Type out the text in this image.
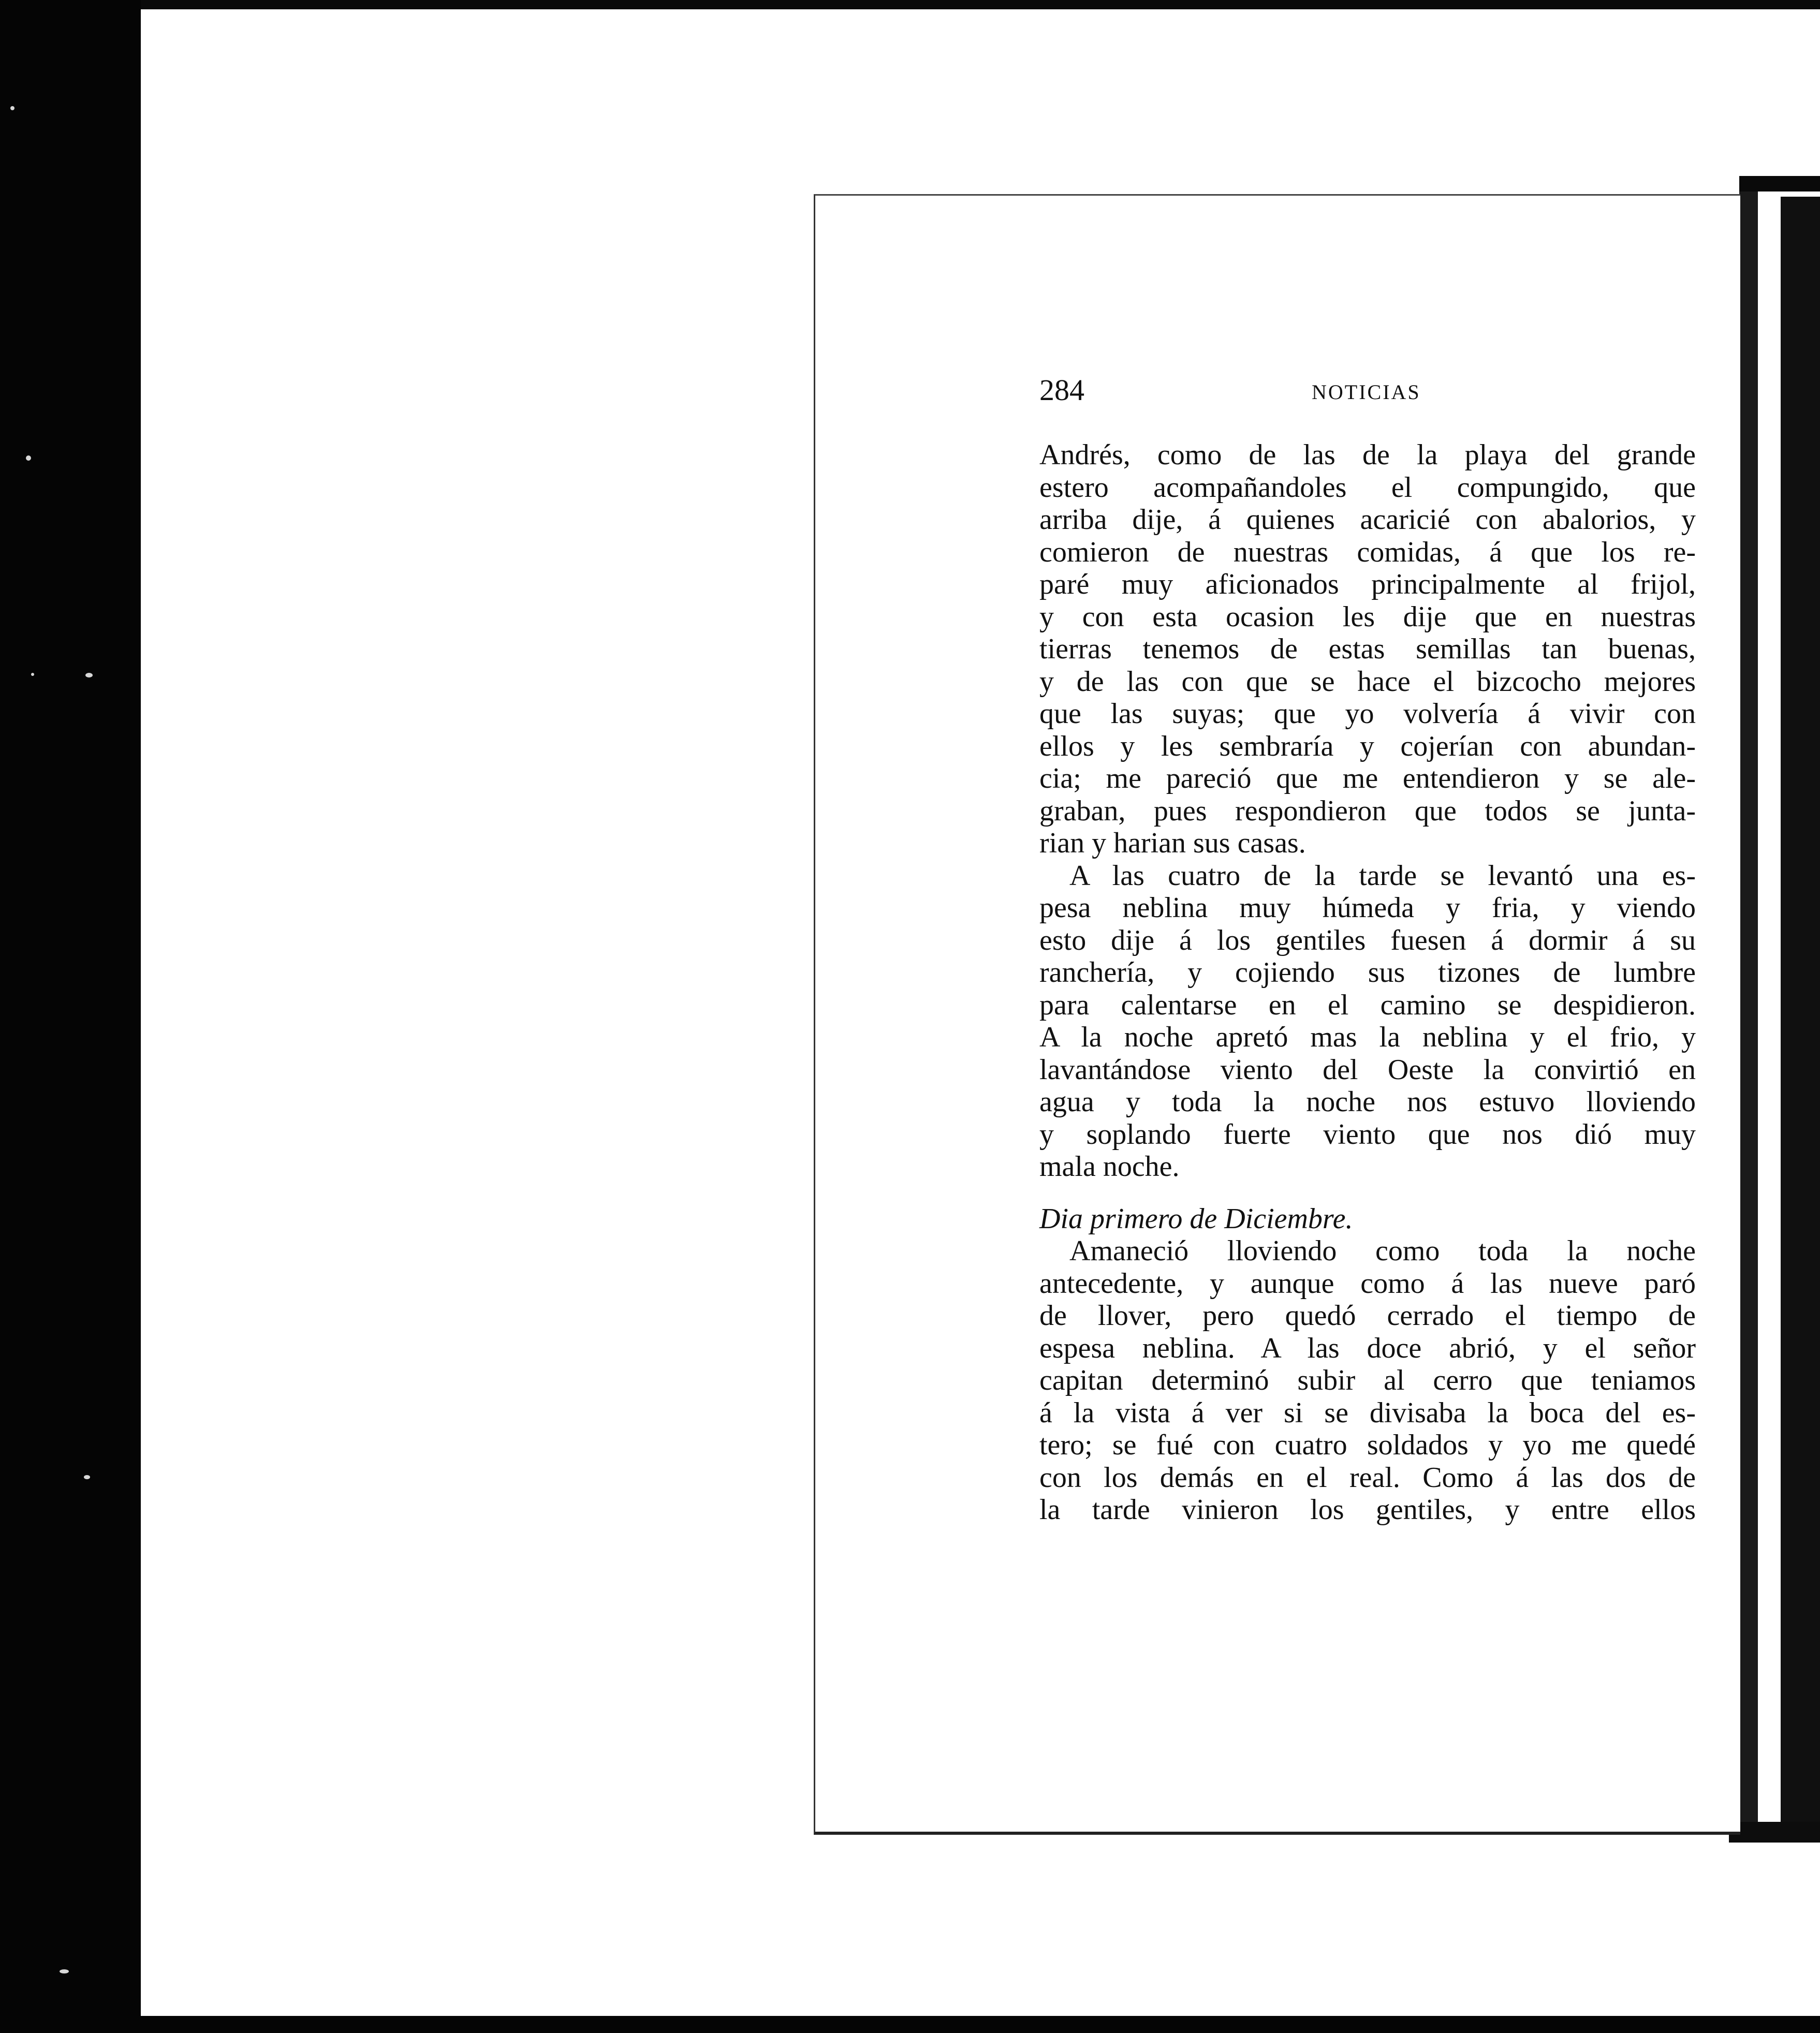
284	NOTICIAS
Andrés, como de las de la playa del grande
estero acompañandoles el compungido, que
arriba dije, á quienes acaricié con abalorios, y
comieron de nuestras comidas, á que los re-
paré muy aficionados principalmente al frijol,
y con esta ocasion les dije que en nuestras
tierras tenemos de estas semillas tan buenas,
y de las con que se hace el bizcocho mejores
que las suyas; que yo volvería á vivir con
ellos y les sembraría y cojerían con abundan-
cia; me pareció que me entendieron y se ale-
graban, pues respondieron que todos se junta-
rian y harian sus casas.
A las cuatro de la tarde se levantó una es-
pesa neblina muy húmeda y fria, y viendo
esto dije á los gentiles fuesen á dormir á su
ranchería, y cojiendo sus tizones de lumbre
para calentarse en el camino se despidieron.
A la noche apretó mas la neblina y el frio, y
lavantándose viento del Oeste la convirtió en
agua y toda la noche nos estuvo lloviendo
y soplando fuerte viento que nos dió muy
mala noche.
Dia primero de Diciembre.
Amaneció lloviendo como toda la noche
antecedente, y aunque como á las nueve paró
de llover, pero quedó cerrado el tiempo de
espesa neblina. A las doce abrió, y el señor
capitan determinó subir al cerro que teniamos
á la vista á ver si se divisaba la boca del es-
tero; se fué con cuatro soldados y yo me quedé
con los demás en el real. Como á las dos de
la tarde vinieron los gentiles, y entre ellos
